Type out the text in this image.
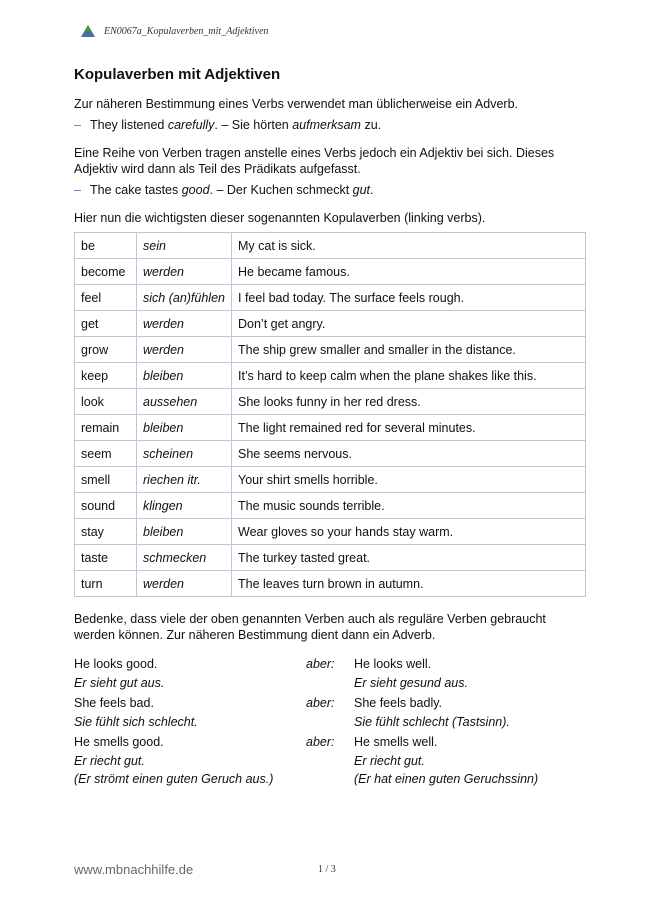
EN0067a_Kopulaverben_mit_Adjektiven
Kopulaverben mit Adjektiven

Zur näheren Bestimmung eines Verbs verwendet man üblicherweise ein Adverb.

– They listened carefully. – Sie hörten aufmerksam zu.

Eine Reihe von Verben tragen anstelle eines Verbs jedoch ein Adjektiv bei sich. Dieses Adjektiv wird dann als Teil des Prädikats aufgefasst.

– The cake tastes good. – Der Kuchen schmeckt gut.

Hier nun die wichtigsten dieser sogenannten Kopulaverben (linking verbs).

be	sein	My cat is sick.
become	werden	He became famous.
feel	sich (an)fühlen	I feel bad today. The surface feels rough.
get	werden	Don’t get angry.
grow	werden	The ship grew smaller and smaller in the distance.
keep	bleiben	It’s hard to keep calm when the plane shakes like this.
look	aussehen	She looks funny in her red dress.
remain	bleiben	The light remained red for several minutes.
seem	scheinen	She seems nervous.
smell	riechen itr.	Your shirt smells horrible.
sound	klingen	The music sounds terrible.
stay	bleiben	Wear gloves so your hands stay warm.
taste	schmecken	The turkey tasted great.
turn	werden	The leaves turn brown in autumn.

Bedenke, dass viele der oben genannten Verben auch als reguläre Verben gebraucht werden können. Zur näheren Bestimmung dient dann ein Adverb.

He looks good.	aber:	He looks well.
Er sieht gut aus.	Er sieht gesund aus.
She feels bad.	aber:	She feels badly.
Sie fühlt sich schlecht.	Sie fühlt schlecht (Tastsinn).
He smells good.	aber:	He smells well.
Er riecht gut.	Er riecht gut.
(Er strömt einen guten Geruch aus.)	(Er hat einen guten Geruchssinn)
www.mbnachhilfe.de	1 / 3
